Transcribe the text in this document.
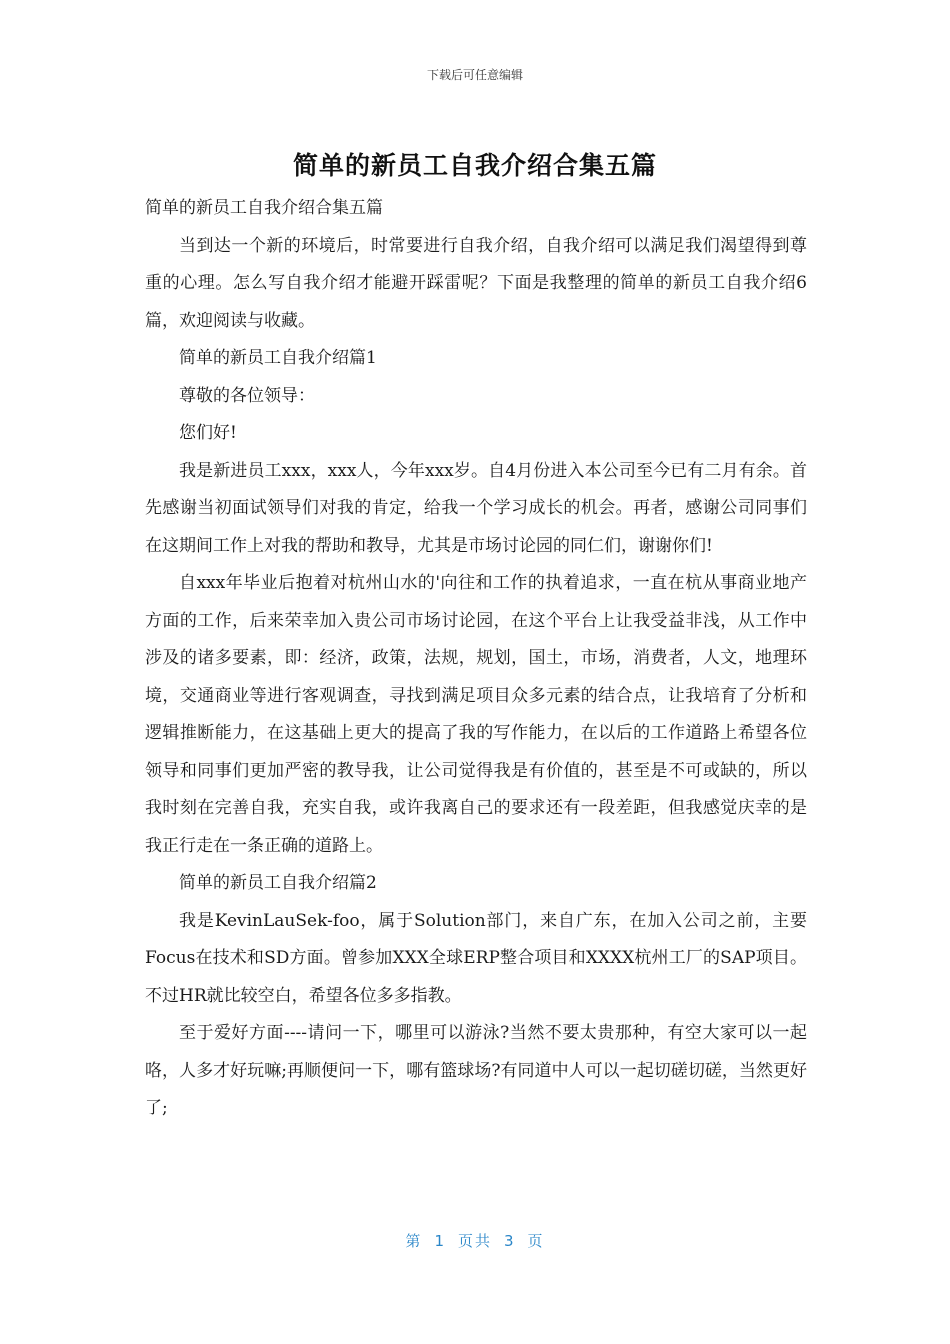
下载后可任意编辑
简单的新员工自我介绍合集五篇

简单的新员工自我介绍合集五篇

当到达一个新的环境后，时常要进行自我介绍，自我介绍可以满足我们渴望得到尊重的心理。怎么写自我介绍才能避开踩雷呢？下面是我整理的简单的新员工自我介绍6篇，欢迎阅读与收藏。

简单的新员工自我介绍篇1

尊敬的各位领导：

您们好!

我是新进员工xxx，xxx人，今年xxx岁。自4月份进入本公司至今已有二月有余。首先感谢当初面试领导们对我的肯定，给我一个学习成长的机会。再者，感谢公司同事们在这期间工作上对我的帮助和教导，尤其是市场讨论园的同仁们，谢谢你们!

自xxx年毕业后抱着对杭州山水的'向往和工作的执着追求，一直在杭从事商业地产方面的工作，后来荣幸加入贵公司市场讨论园，在这个平台上让我受益非浅，从工作中涉及的诸多要素，即：经济，政策，法规，规划，国土，市场，消费者，人文，地理环境，交通商业等进行客观调查，寻找到满足项目众多元素的结合点，让我培育了分析和逻辑推断能力，在这基础上更大的提高了我的写作能力，在以后的工作道路上希望各位领导和同事们更加严密的教导我，让公司觉得我是有价值的，甚至是不可或缺的，所以我时刻在完善自我，充实自我，或许我离自己的要求还有一段差距，但我感觉庆幸的是我正行走在一条正确的道路上。

简单的新员工自我介绍篇2

我是KevinLauSek-foo，属于Solution部门，来自广东，在加入公司之前，主要Focus在技术和SD方面。曾参加XXX全球ERP整合项目和XXXX杭州工厂的SAP项目。不过HR就比较空白，希望各位多多指教。

至于爱好方面----请问一下，哪里可以游泳?当然不要太贵那种，有空大家可以一起咯，人多才好玩嘛;再顺便问一下，哪有篮球场?有同道中人可以一起切磋切磋，当然更好了;

第 1 页共 3 页
